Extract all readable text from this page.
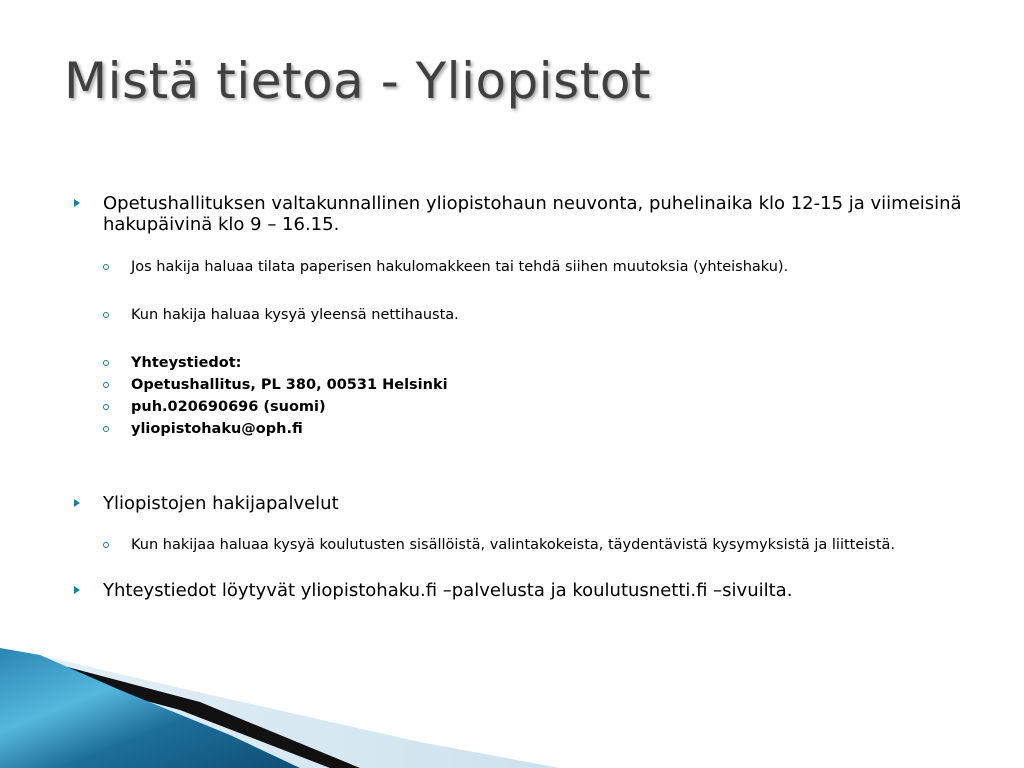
Mistä tietoa - Yliopistot
Opetushallituksen valtakunnallinen yliopistohaun neuvonta, puhelinaika klo 12-15 ja viimeisinä hakupäivinä klo 9 – 16.15.
Jos hakija haluaa tilata paperisen hakulomakkeen tai tehdä siihen muutoksia (yhteishaku).
Kun hakija haluaa kysyä yleensä nettihausta.
Yhteystiedot:
Opetushallitus, PL 380, 00531 Helsinki
puh.020690696 (suomi)
yliopistohaku@oph.fi
Yliopistojen hakijapalvelut
Kun hakijaa haluaa kysyä koulutusten sisällöistä, valintakokeista, täydentävistä kysymyksistä ja liitteistä.
Yhteystiedot löytyvät yliopistohaku.fi –palvelusta ja koulutusnetti.fi –sivuilta.
